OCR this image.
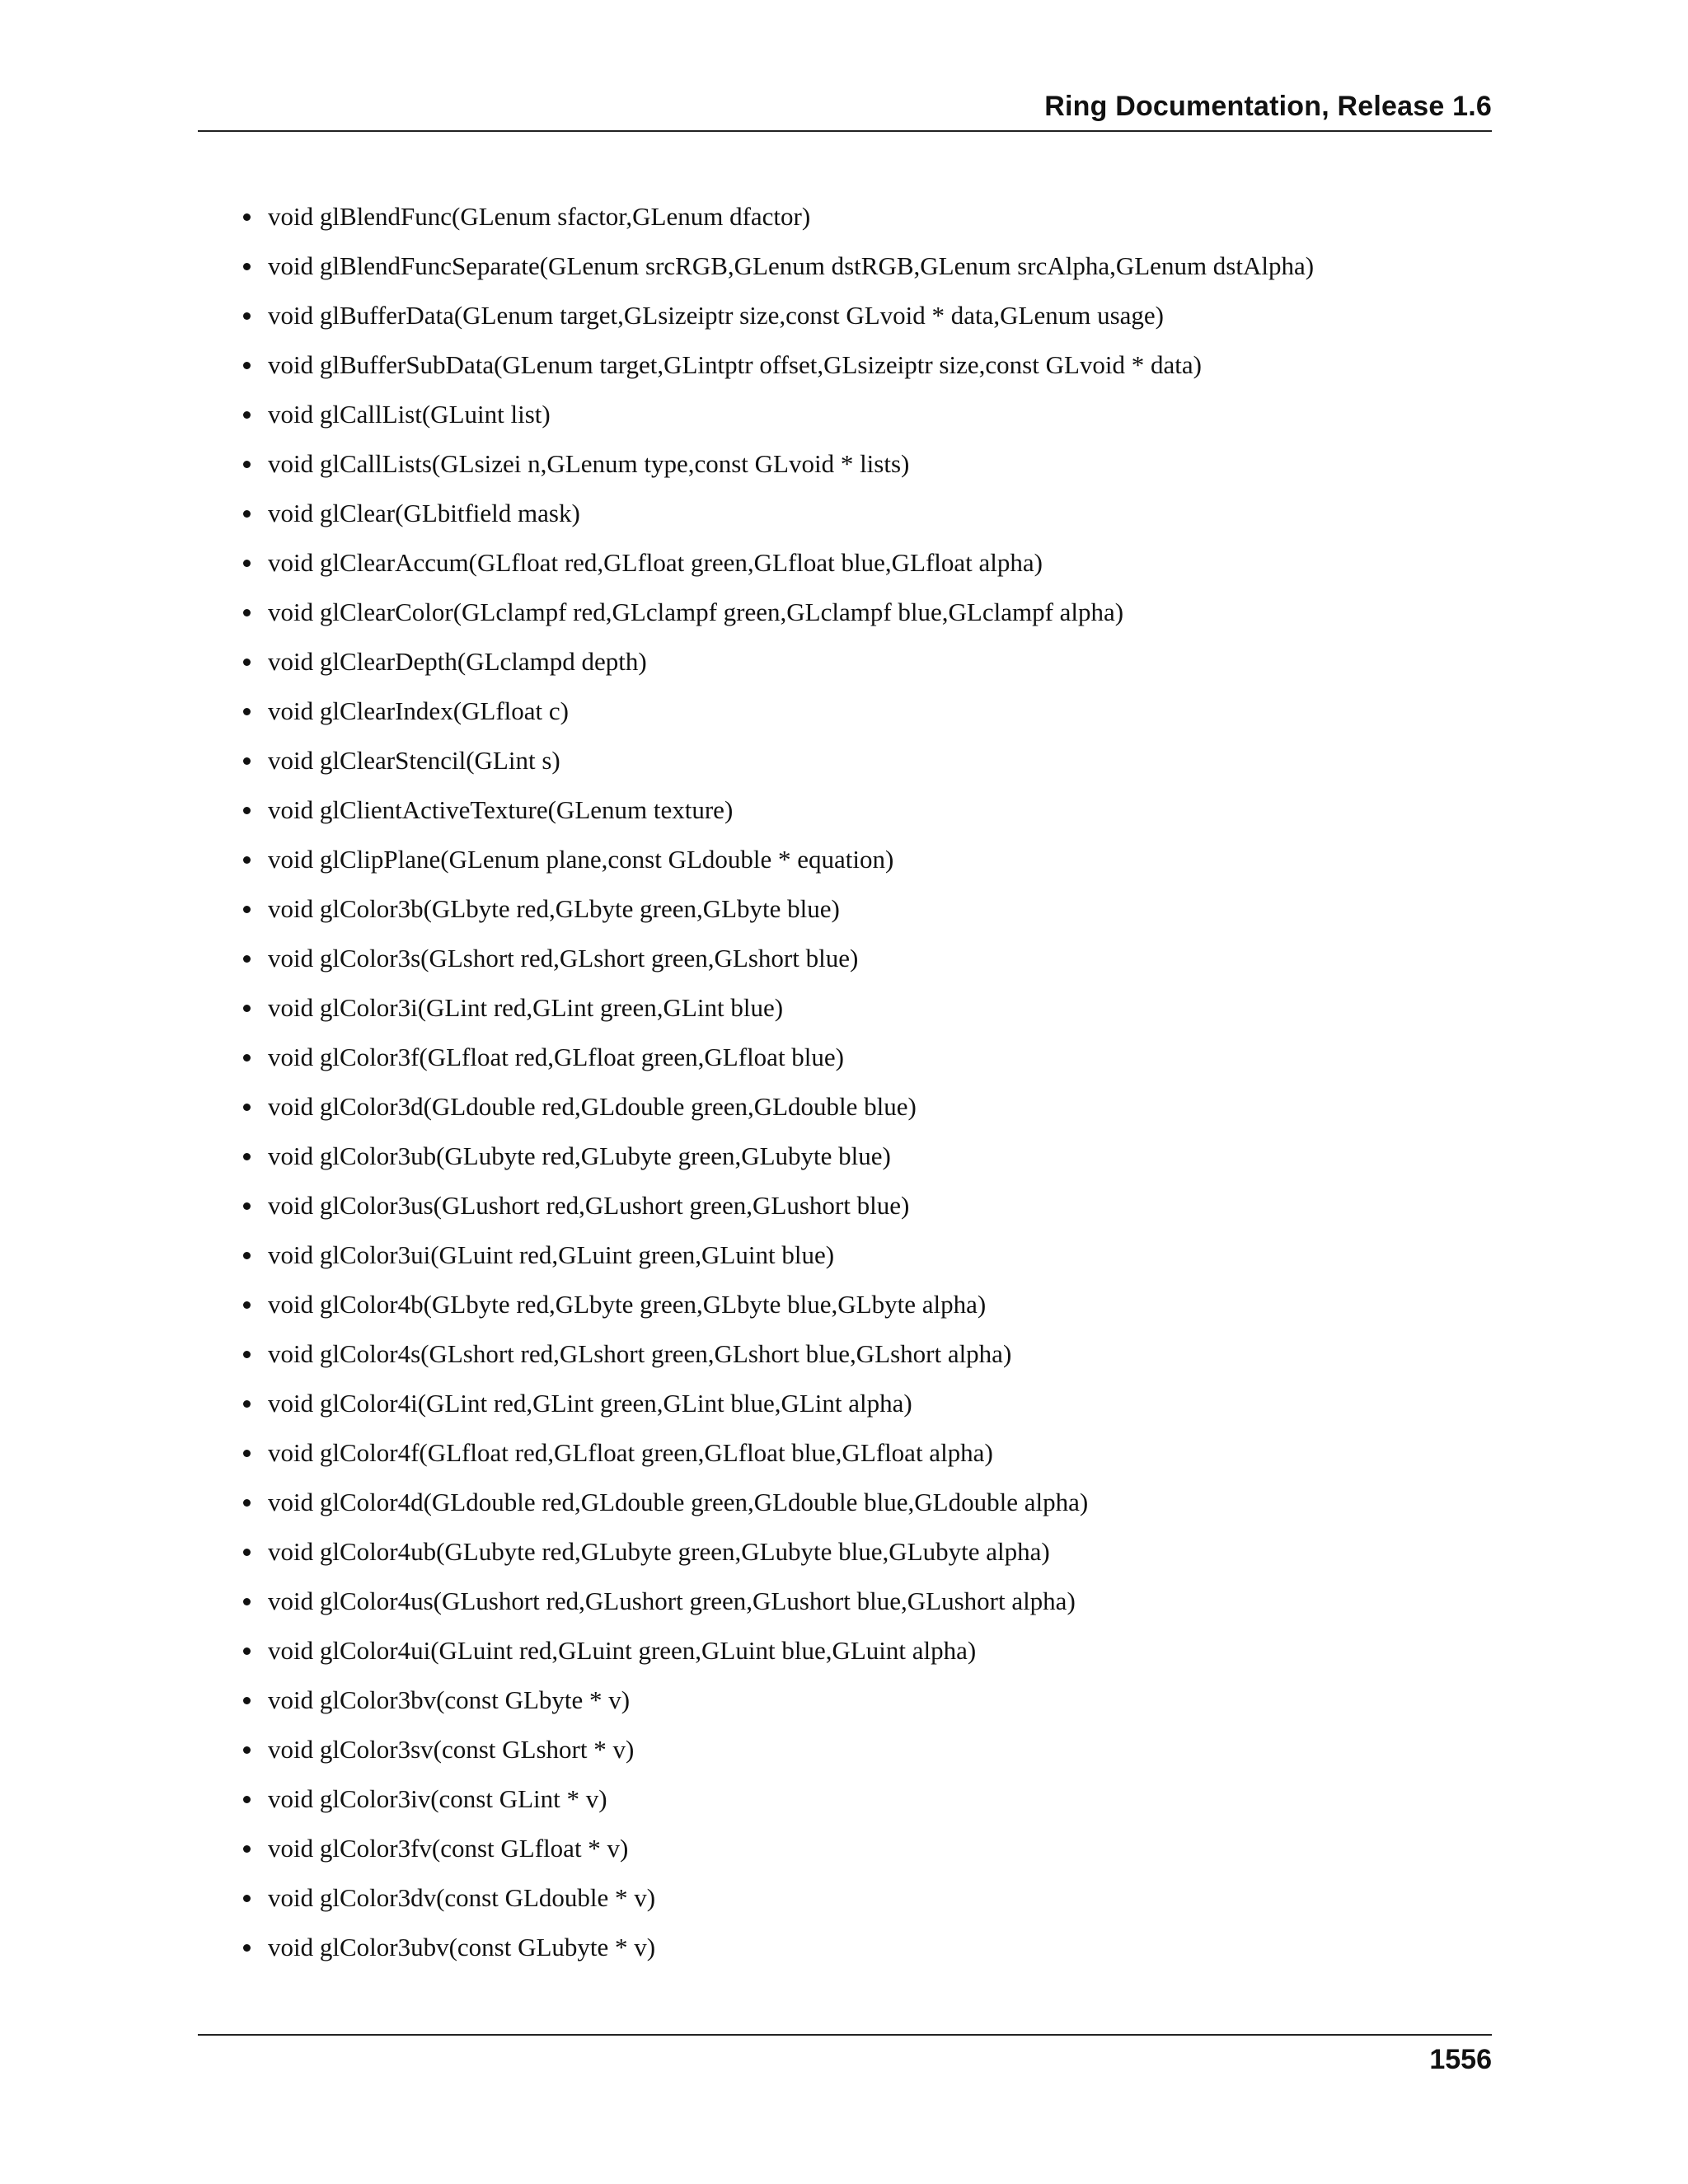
Ring Documentation, Release 1.6
void glBlendFunc(GLenum sfactor,GLenum dfactor)
void glBlendFuncSeparate(GLenum srcRGB,GLenum dstRGB,GLenum srcAlpha,GLenum dstAlpha)
void glBufferData(GLenum target,GLsizeiptr size,const GLvoid * data,GLenum usage)
void glBufferSubData(GLenum target,GLintptr offset,GLsizeiptr size,const GLvoid * data)
void glCallList(GLuint list)
void glCallLists(GLsizei n,GLenum type,const GLvoid * lists)
void glClear(GLbitfield mask)
void glClearAccum(GLfloat red,GLfloat green,GLfloat blue,GLfloat alpha)
void glClearColor(GLclampf red,GLclampf green,GLclampf blue,GLclampf alpha)
void glClearDepth(GLclampd depth)
void glClearIndex(GLfloat c)
void glClearStencil(GLint s)
void glClientActiveTexture(GLenum texture)
void glClipPlane(GLenum plane,const GLdouble * equation)
void glColor3b(GLbyte red,GLbyte green,GLbyte blue)
void glColor3s(GLshort red,GLshort green,GLshort blue)
void glColor3i(GLint red,GLint green,GLint blue)
void glColor3f(GLfloat red,GLfloat green,GLfloat blue)
void glColor3d(GLdouble red,GLdouble green,GLdouble blue)
void glColor3ub(GLubyte red,GLubyte green,GLubyte blue)
void glColor3us(GLushort red,GLushort green,GLushort blue)
void glColor3ui(GLuint red,GLuint green,GLuint blue)
void glColor4b(GLbyte red,GLbyte green,GLbyte blue,GLbyte alpha)
void glColor4s(GLshort red,GLshort green,GLshort blue,GLshort alpha)
void glColor4i(GLint red,GLint green,GLint blue,GLint alpha)
void glColor4f(GLfloat red,GLfloat green,GLfloat blue,GLfloat alpha)
void glColor4d(GLdouble red,GLdouble green,GLdouble blue,GLdouble alpha)
void glColor4ub(GLubyte red,GLubyte green,GLubyte blue,GLubyte alpha)
void glColor4us(GLushort red,GLushort green,GLushort blue,GLushort alpha)
void glColor4ui(GLuint red,GLuint green,GLuint blue,GLuint alpha)
void glColor3bv(const GLbyte * v)
void glColor3sv(const GLshort * v)
void glColor3iv(const GLint * v)
void glColor3fv(const GLfloat * v)
void glColor3dv(const GLdouble * v)
void glColor3ubv(const GLubyte * v)
1556
